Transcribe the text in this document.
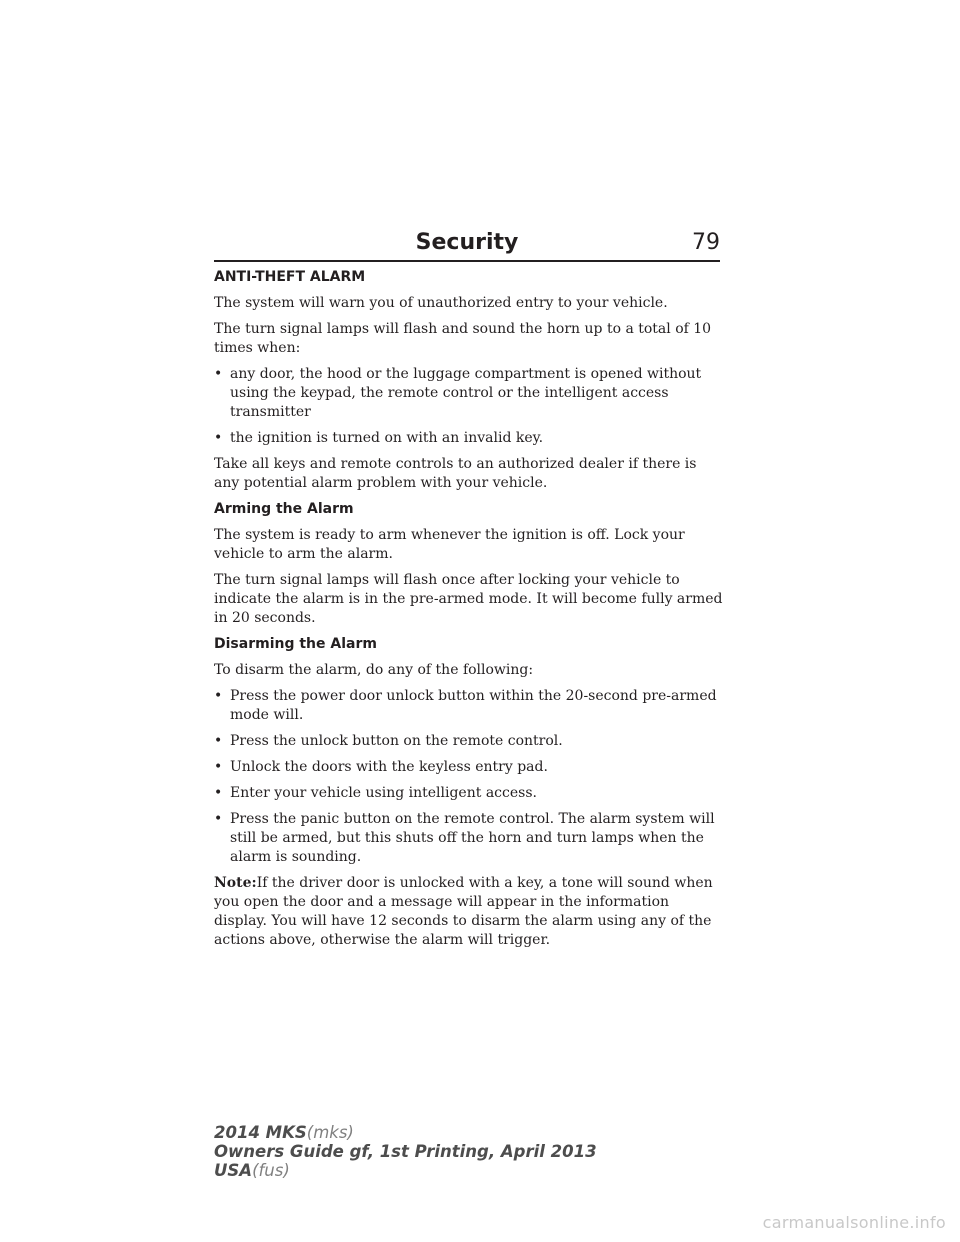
Security	79
ANTI-THEFT ALARM

The system will warn you of unauthorized entry to your vehicle.

The turn signal lamps will flash and sound the horn up to a total of 10 times when:

• any door, the hood or the luggage compartment is opened without using the keypad, the remote control or the intelligent access transmitter
• the ignition is turned on with an invalid key.

Take all keys and remote controls to an authorized dealer if there is any potential alarm problem with your vehicle.

Arming the Alarm

The system is ready to arm whenever the ignition is off. Lock your vehicle to arm the alarm.

The turn signal lamps will flash once after locking your vehicle to indicate the alarm is in the pre-armed mode. It will become fully armed in 20 seconds.

Disarming the Alarm

To disarm the alarm, do any of the following:

• Press the power door unlock button within the 20-second pre-armed mode will.
• Press the unlock button on the remote control.
• Unlock the doors with the keyless entry pad.
• Enter your vehicle using intelligent access.
• Press the panic button on the remote control. The alarm system will still be armed, but this shuts off the horn and turn lamps when the alarm is sounding.

Note:If the driver door is unlocked with a key, a tone will sound when you open the door and a message will appear in the information display. You will have 12 seconds to disarm the alarm using any of the actions above, otherwise the alarm will trigger.

2014 MKS(mks)
Owners Guide gf, 1st Printing, April 2013
USA(fus)
carmanualsonline.info
